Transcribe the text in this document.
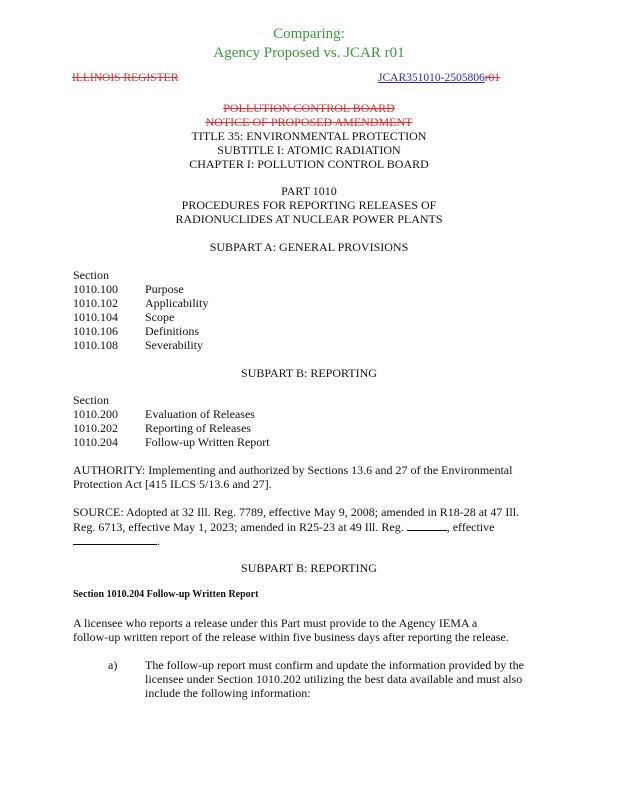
Comparing:
Agency Proposed vs. JCAR r01
ILLINOIS REGISTER	JCAR351010-2505806r01
POLLUTION CONTROL BOARD
NOTICE OF PROPOSED AMENDMENT
TITLE 35: ENVIRONMENTAL PROTECTION
SUBTITLE I: ATOMIC RADIATION
CHAPTER I: POLLUTION CONTROL BOARD
PART 1010
PROCEDURES FOR REPORTING RELEASES OF
RADIONUCLIDES AT NUCLEAR POWER PLANTS
SUBPART A: GENERAL PROVISIONS
Section
1010.100 Purpose
1010.102 Applicability
1010.104 Scope
1010.106 Definitions
1010.108 Severability
SUBPART B: REPORTING
Section
1010.200 Evaluation of Releases
1010.202 Reporting of Releases
1010.204 Follow-up Written Report
AUTHORITY: Implementing and authorized by Sections 13.6 and 27 of the Environmental
Protection Act [415 ILCS 5/13.6 and 27].
SOURCE: Adopted at 32 Ill. Reg. 7789, effective May 9, 2008; amended in R18-28 at 47 Ill.
Reg. 6713, effective May 1, 2023; amended in R25-23 at 49 Ill. Reg.	, effective
.
SUBPART B: REPORTING
Section 1010.204 Follow-up Written Report
A licensee who reports a release under this Part must provide to the Agency IEMA a
follow-up written report of the release within five business days after reporting the release.
a) The follow-up report must confirm and update the information provided by the
licensee under Section 1010.202 utilizing the best data available and must also
include the following information:
